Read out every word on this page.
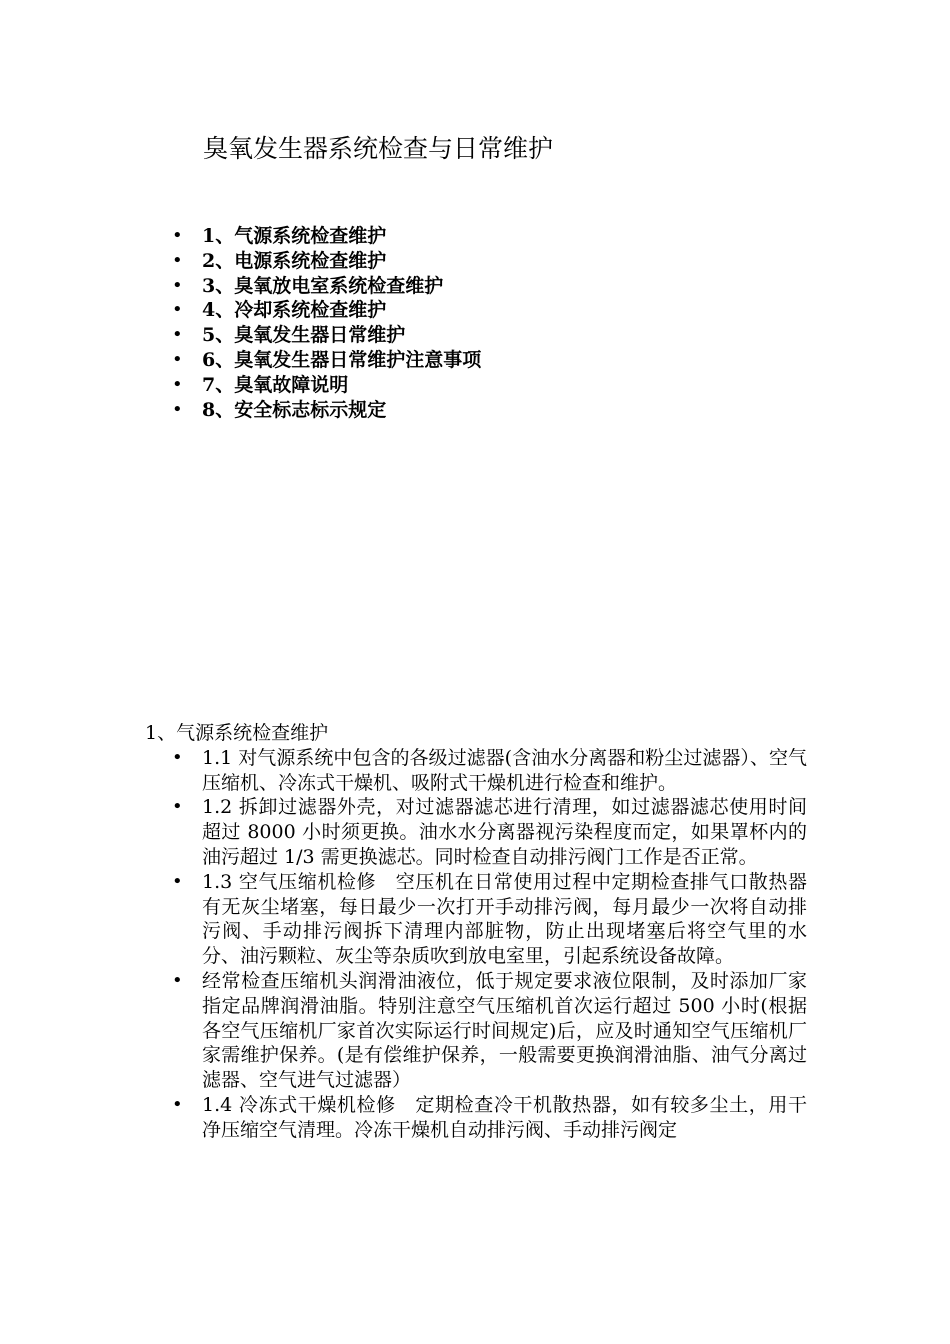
臭氧发生器系统检查与日常维护
• 1、气源系统检查维护
• 2、电源系统检查维护
• 3、臭氧放电室系统检查维护
• 4、冷却系统检查维护
• 5、臭氧发生器日常维护
• 6、臭氧发生器日常维护注意事项
• 7、臭氧故障说明
• 8、安全标志标示规定

1、气源系统检查维护

• 1.1 对气源系统中包含的各级过滤器(含油水分离器和粉尘过滤器）、空气压缩机、冷冻式干燥机、吸附式干燥机进行检查和维护。
• 1.2 拆卸过滤器外壳，对过滤器滤芯进行清理，如过滤器滤芯使用时间超过 8000 小时须更换。油水水分离器视污染程度而定，如果罩杯内的油污超过 1/3 需更换滤芯。同时检查自动排污阀门工作是否正常。
• 1.3 空气压缩机检修　空压机在日常使用过程中定期检查排气口散热器有无灰尘堵塞，每日最少一次打开手动排污阀，每月最少一次将自动排污阀、手动排污阀拆下清理内部脏物，防止出现堵塞后将空气里的水分、油污颗粒、灰尘等杂质吹到放电室里，引起系统设备故障。
• 经常检查压缩机头润滑油液位，低于规定要求液位限制，及时添加厂家指定品牌润滑油脂。特别注意空气压缩机首次运行超过 500 小时(根据各空气压缩机厂家首次实际运行时间规定)后，应及时通知空气压缩机厂家需维护保养。(是有偿维护保养，一般需要更换润滑油脂、油气分离过滤器、空气进气过滤器）
• 1.4 冷冻式干燥机检修　定期检查冷干机散热器，如有较多尘土，用干净压缩空气清理。冷冻干燥机自动排污阀、手动排污阀定
